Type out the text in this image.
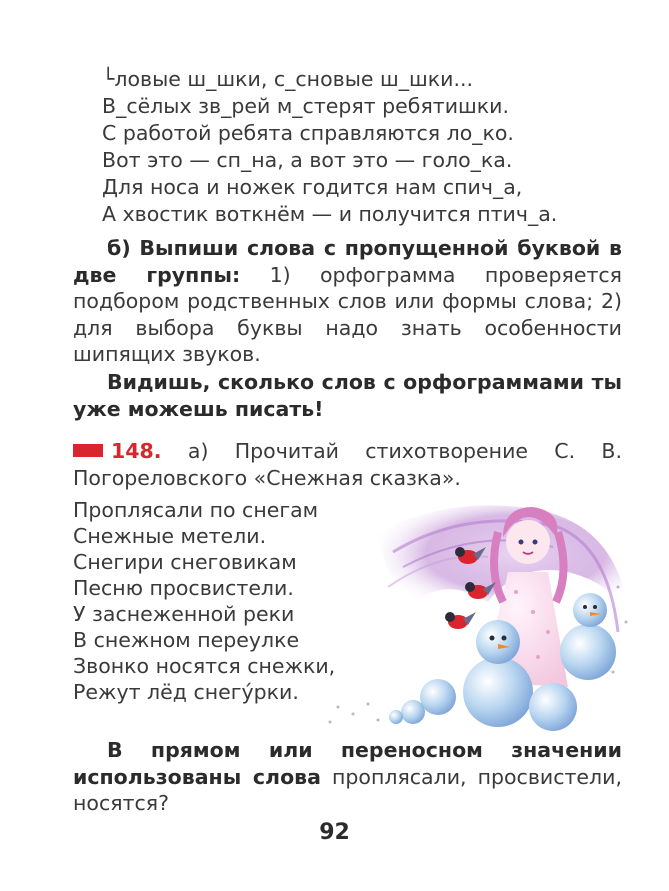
└ловые ш_шки, с_сновые ш_шки...
В_сёлых зв_рей м_стерят ребятишки.
С работой ребята справляются ло_ко.
Вот это — сп_на, а вот это — голо_ка.
Для носа и ножек годится нам спич_а,
А хвостик воткнём — и получится птич_а.
б) Выпиши слова с пропущенной буквой в две группы: 1) орфограмма проверяется подбором родственных слов или формы слова; 2) для выбора буквы надо знать особенности шипящих звуков.
Видишь, сколько слов с орфограммами ты уже можешь писать!
148. а) Прочитай стихотворение С. В. Погорeловского «Снежная сказка».
Проплясали по снегам
Снежные метели.
Снегири снеговикам
Песню просвистели.
У заснеженной реки
В снежном переулке
Звонко носятся снежки,
Режут лёд снегу́рки.
В прямом или переносном значении использованы слова проплясали, просвистели, носятся?
92
